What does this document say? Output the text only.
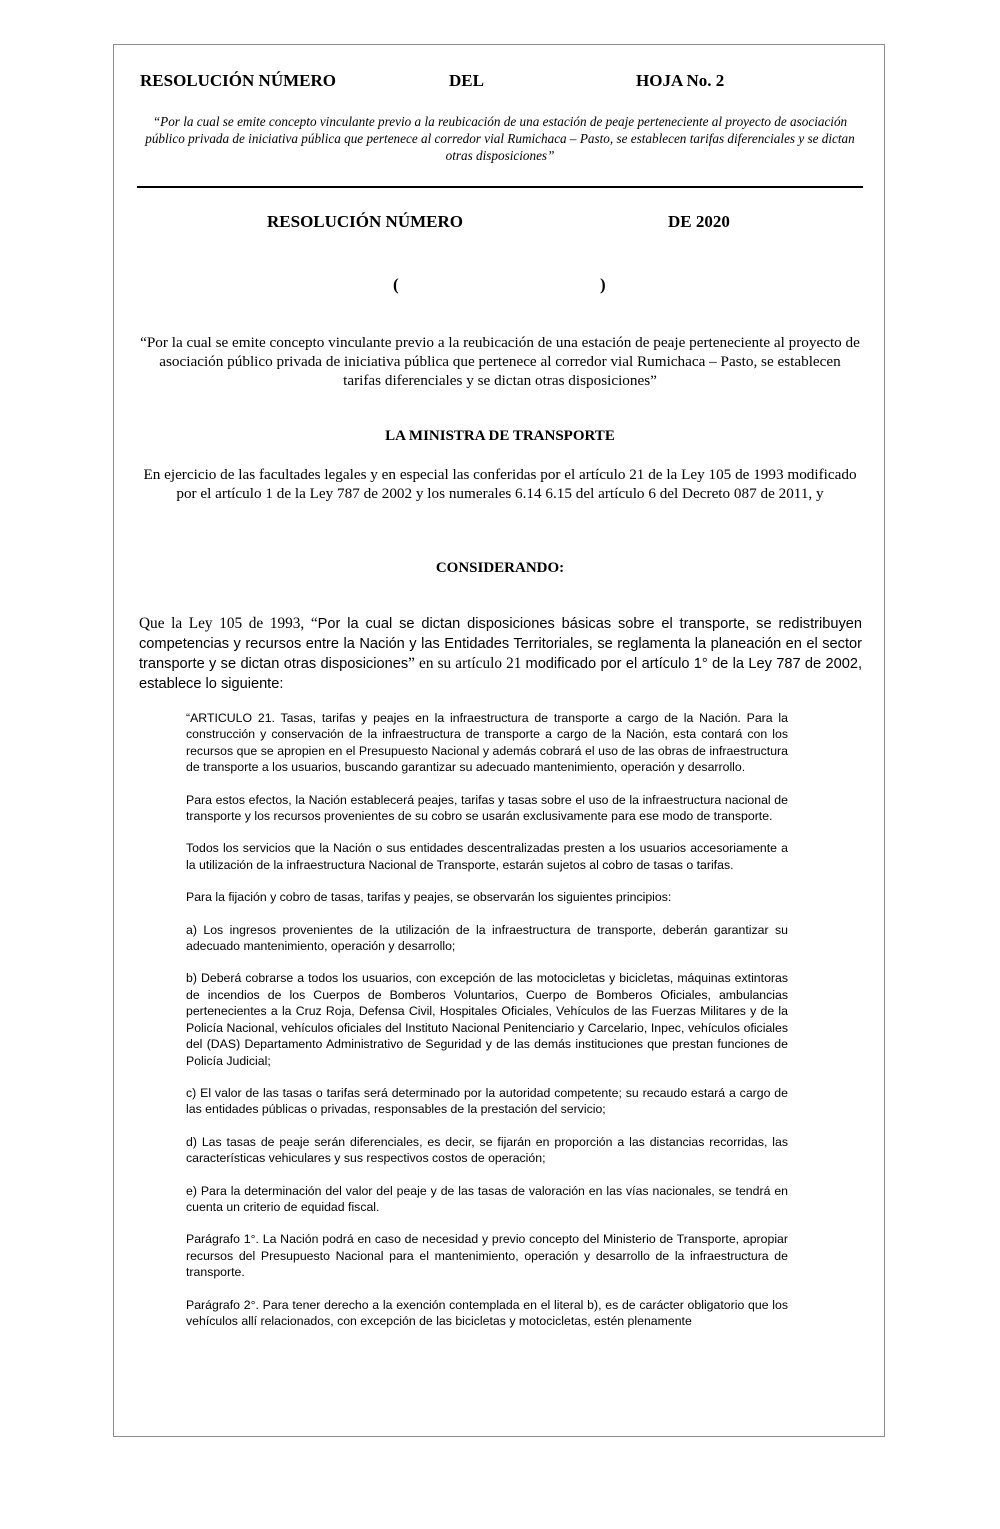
RESOLUCIÓN NÚMERO	DEL	HOJA No. 2
“Por la cual se emite concepto vinculante previo a la reubicación de una estación de peaje perteneciente al proyecto de asociación público privada de iniciativa pública que pertenece al corredor vial Rumichaca – Pasto, se establecen tarifas diferenciales y se dictan otras disposiciones”
RESOLUCIÓN NÚMERO	DE 2020
(	)
“Por la cual se emite concepto vinculante previo a la reubicación de una estación de peaje perteneciente al proyecto de asociación público privada de iniciativa pública que pertenece al corredor vial Rumichaca – Pasto, se establecen tarifas diferenciales y se dictan otras disposiciones”
LA MINISTRA DE TRANSPORTE
En ejercicio de las facultades legales y en especial las conferidas por el artículo 21 de la Ley 105 de 1993 modificado por el artículo 1 de la Ley 787 de 2002 y los numerales 6.14 6.15 del artículo 6 del Decreto 087 de 2011, y
CONSIDERANDO:
Que la Ley 105 de 1993, “Por la cual se dictan disposiciones básicas sobre el transporte, se redistribuyen competencias y recursos entre la Nación y las Entidades Territoriales, se reglamenta la planeación en el sector transporte y se dictan otras disposiciones” en su artículo 21 modificado por el artículo 1° de la Ley 787 de 2002, establece lo siguiente:

“ARTICULO 21. Tasas, tarifas y peajes en la infraestructura de transporte a cargo de la Nación. Para la construcción y conservación de la infraestructura de transporte a cargo de la Nación, esta contará con los recursos que se apropien en el Presupuesto Nacional y además cobrará el uso de las obras de infraestructura de transporte a los usuarios, buscando garantizar su adecuado mantenimiento, operación y desarrollo.

Para estos efectos, la Nación establecerá peajes, tarifas y tasas sobre el uso de la infraestructura nacional de transporte y los recursos provenientes de su cobro se usarán exclusivamente para ese modo de transporte.

Todos los servicios que la Nación o sus entidades descentralizadas presten a los usuarios accesoriamente a la utilización de la infraestructura Nacional de Transporte, estarán sujetos al cobro de tasas o tarifas.

Para la fijación y cobro de tasas, tarifas y peajes, se observarán los siguientes principios:

a) Los ingresos provenientes de la utilización de la infraestructura de transporte, deberán garantizar su adecuado mantenimiento, operación y desarrollo;

b) Deberá cobrarse a todos los usuarios, con excepción de las motocicletas y bicicletas, máquinas extintoras de incendios de los Cuerpos de Bomberos Voluntarios, Cuerpo de Bomberos Oficiales, ambulancias pertenecientes a la Cruz Roja, Defensa Civil, Hospitales Oficiales, Vehículos de las Fuerzas Militares y de la Policía Nacional, vehículos oficiales del Instituto Nacional Penitenciario y Carcelario, Inpec, vehículos oficiales del (DAS) Departamento Administrativo de Seguridad y de las demás instituciones que prestan funciones de Policía Judicial;

c) El valor de las tasas o tarifas será determinado por la autoridad competente; su recaudo estará a cargo de las entidades públicas o privadas, responsables de la prestación del servicio;

d) Las tasas de peaje serán diferenciales, es decir, se fijarán en proporción a las distancias recorridas, las características vehiculares y sus respectivos costos de operación;

e) Para la determinación del valor del peaje y de las tasas de valoración en las vías nacionales, se tendrá en cuenta un criterio de equidad fiscal.

Parágrafo 1°. La Nación podrá en caso de necesidad y previo concepto del Ministerio de Transporte, apropiar recursos del Presupuesto Nacional para el mantenimiento, operación y desarrollo de la infraestructura de transporte.

Parágrafo 2°. Para tener derecho a la exención contemplada en el literal b), es de carácter obligatorio que los vehículos allí relacionados, con excepción de las bicicletas y motocicletas, estén plenamente
